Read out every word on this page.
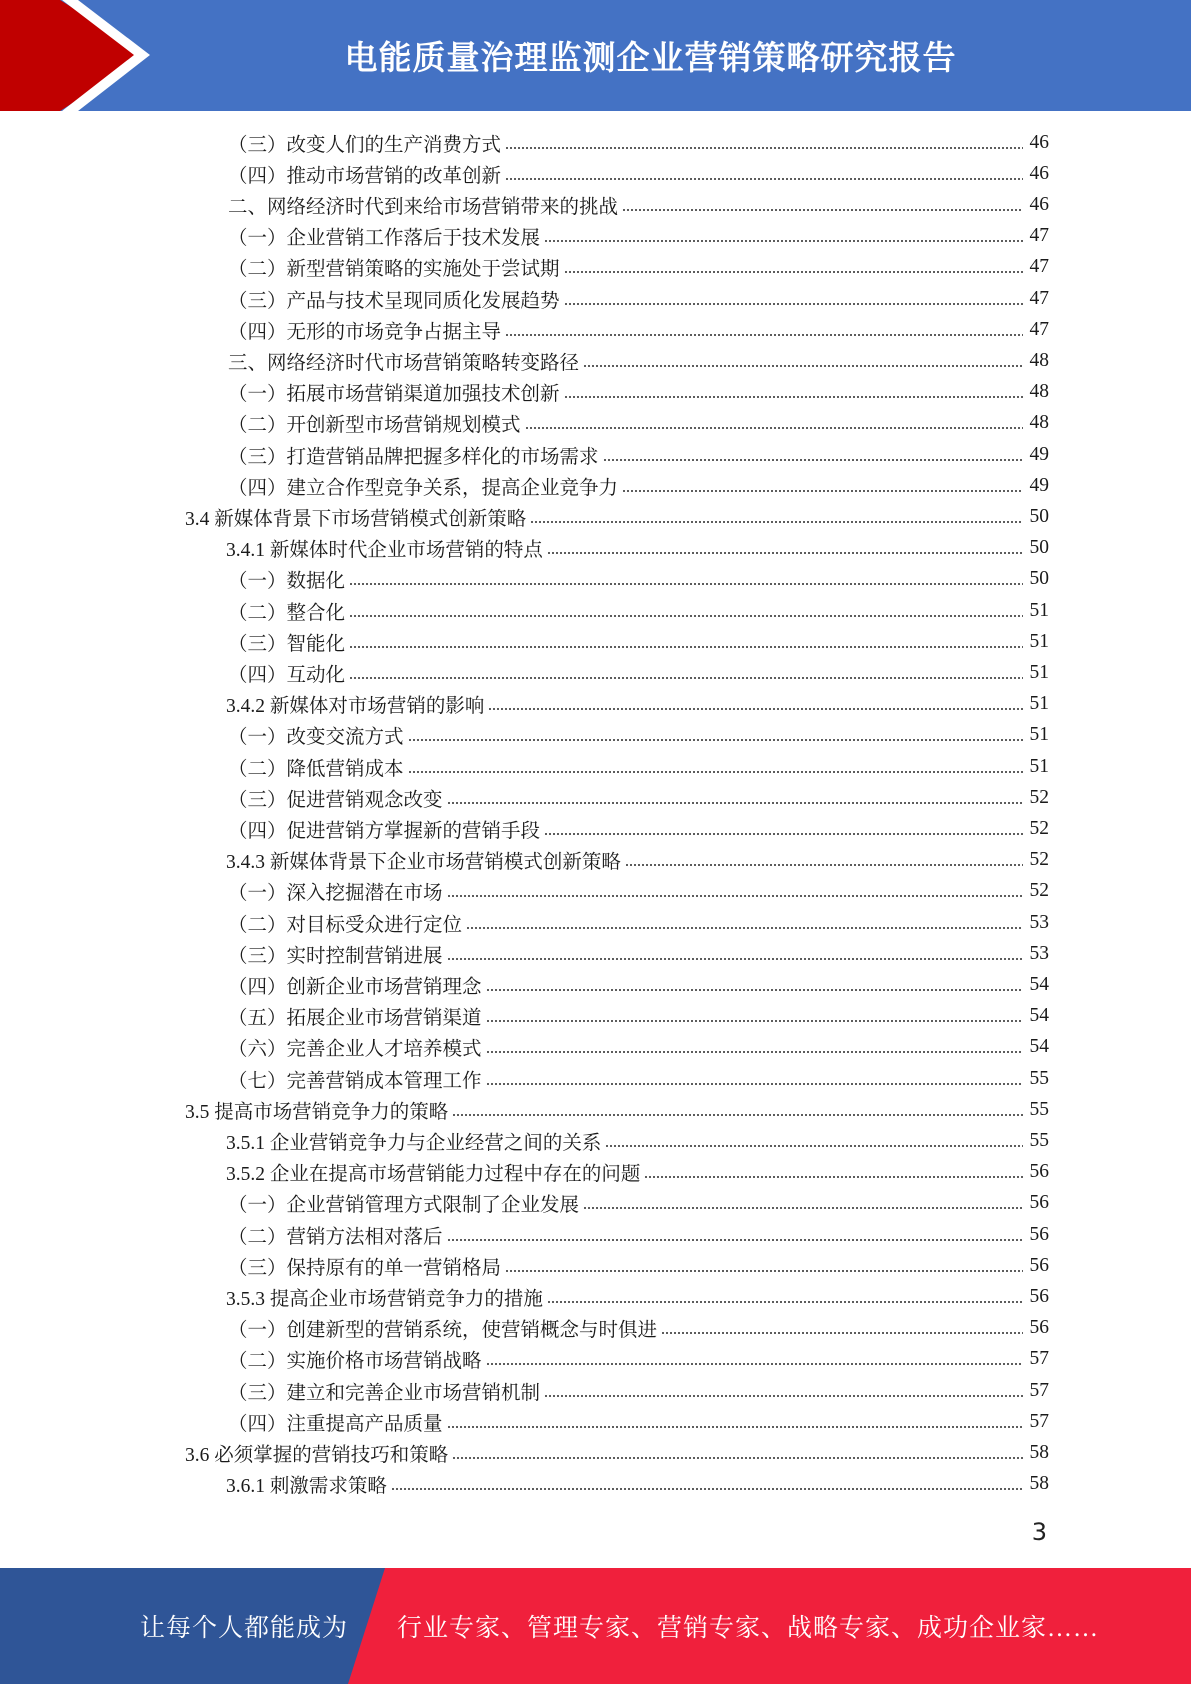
电能质量治理监测企业营销策略研究报告
（三）改变人们的生产消费方式	46
（四）推动市场营销的改革创新	46
二、网络经济时代到来给市场营销带来的挑战	46
（一）企业营销工作落后于技术发展	47
（二）新型营销策略的实施处于尝试期	47
（三）产品与技术呈现同质化发展趋势	47
（四）无形的市场竞争占据主导	47
三、网络经济时代市场营销策略转变路径	48
（一）拓展市场营销渠道加强技术创新	48
（二）开创新型市场营销规划模式	48
（三）打造营销品牌把握多样化的市场需求	49
（四）建立合作型竞争关系，提高企业竞争力	49
3.4 新媒体背景下市场营销模式创新策略	50
3.4.1 新媒体时代企业市场营销的特点	50
（一）数据化	50
（二）整合化	51
（三）智能化	51
（四）互动化	51
3.4.2 新媒体对市场营销的影响	51
（一）改变交流方式	51
（二）降低营销成本	51
（三）促进营销观念改变	52
（四）促进营销方掌握新的营销手段	52
3.4.3 新媒体背景下企业市场营销模式创新策略	52
（一）深入挖掘潜在市场	52
（二）对目标受众进行定位	53
（三）实时控制营销进展	53
（四）创新企业市场营销理念	54
（五）拓展企业市场营销渠道	54
（六）完善企业人才培养模式	54
（七）完善营销成本管理工作	55
3.5 提高市场营销竞争力的策略	55
3.5.1 企业营销竞争力与企业经营之间的关系	55
3.5.2 企业在提高市场营销能力过程中存在的问题	56
（一）企业营销管理方式限制了企业发展	56
（二）营销方法相对落后	56
（三）保持原有的单一营销格局	56
3.5.3 提高企业市场营销竞争力的措施	56
（一）创建新型的营销系统，使营销概念与时俱进	56
（二）实施价格市场营销战略	57
（三）建立和完善企业市场营销机制	57
（四）注重提高产品质量	57
3.6 必须掌握的营销技巧和策略	58
3.6.1 刺激需求策略	58
3
让每个人都能成为 行业专家、管理专家、营销专家、战略专家、成功企业家……
